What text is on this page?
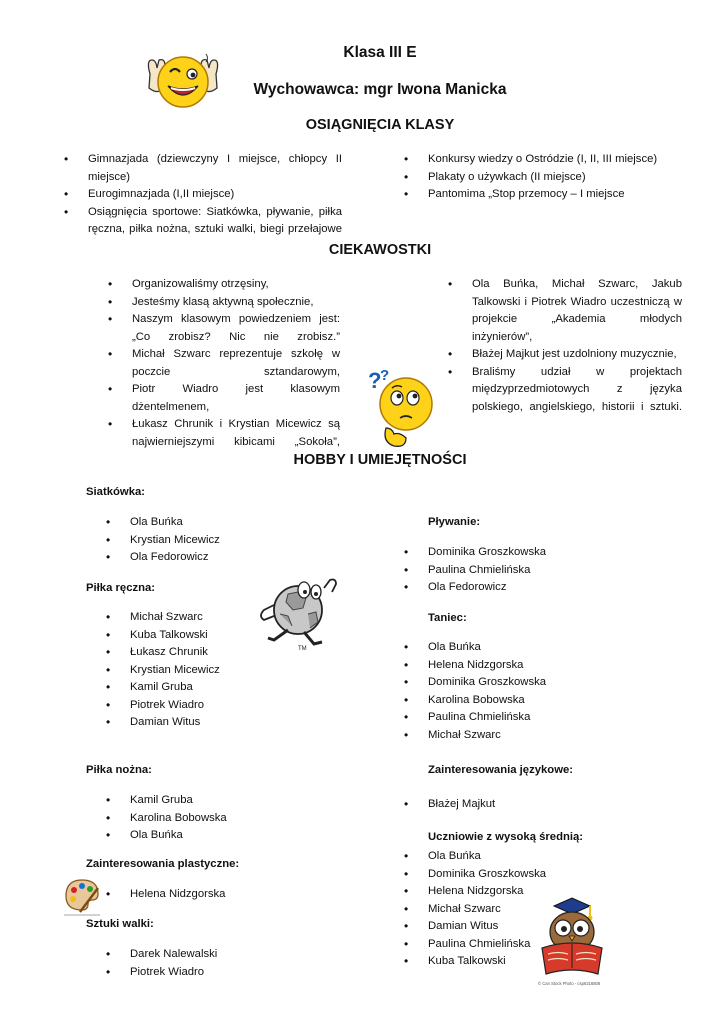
Klasa III E
Wychowawca: mgr Iwona Manicka
OSIĄGNIĘCIA KLASY
• Gimnazjada (dziewczyny I miejsce, chłopcy II miejsce)
• Eurogimnazjada (I,II miejsce)
• Osiągnięcia sportowe: Siatkówka, pływanie, piłka ręczna, piłka nożna, sztuki walki, biegi przełajowe
• Konkursy wiedzy o Ostródzie (I, II, III miejsce)
• Plakaty o używkach (II miejsce)
• Pantomima „Stop przemocy – I miejsce
CIEKAWOSTKI
• Organizowaliśmy otrzęsiny,
• Jesteśmy klasą aktywną społecznie,
• Naszym klasowym powiedzeniem jest: „Co zrobisz? Nic nie zrobisz.”
• Michał Szwarc reprezentuje szkołę w poczcie sztandarowym,
• Piotr Wiadro jest klasowym dżentelmenem,
• Łukasz Chrunik i Krystian Micewicz są najwierniejszymi kibicami „Sokoła”,
?
?
• Ola Buńka, Michał Szwarc, Jakub Talkowski i Piotrek Wiadro uczestniczą w projekcie „Akademia młodych inżynierów”,
• Błażej Majkut jest uzdolniony muzycznie,
• Braliśmy udział w projektach międzyprzedmiotowych z języka polskiego, angielskiego, historii i sztuki.
HOBBY I UMIEJĘTNOŚCI
Siatkówka:
• Ola Buńka
• Krystian Micewicz
• Ola Fedorowicz
Piłka ręczna:
• Michał Szwarc
• Kuba Talkowski
• Łukasz Chrunik
• Krystian Micewicz
• Kamil Gruba
• Piotrek Wiadro
• Damian Witus
TM
Piłka nożna:
• Kamil Gruba
• Karolina Bobowska
• Ola Buńka
Zainteresowania plastyczne:
• Helena Nidzgorska
Sztuki walki:
• Darek Nalewalski
• Piotrek Wiadro
Pływanie:
• Dominika Groszkowska
• Paulina Chmielińska
• Ola Fedorowicz
Taniec:
• Ola Buńka
• Helena Nidzgorska
• Dominika Groszkowska
• Karolina Bobowska
• Paulina Chmielińska
• Michał Szwarc
Zainteresowania językowe:
• Błażej Majkut
Uczniowie z wysoką średnią:
• Ola Buńka
• Dominika Groszkowska
• Helena Nidzgorska
• Michał Szwarc
• Damian Witus
• Paulina Chmielińska
• Kuba Talkowski
© Can Stock Photo - csp6316808
